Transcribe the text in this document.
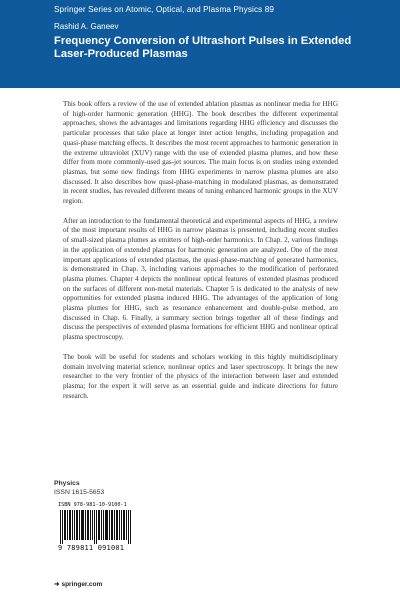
Springer Series on Atomic, Optical, and Plasma Physics 89
Rashid A. Ganeev
Frequency Conversion of Ultrashort Pulses in Extended Laser-Produced Plasmas

This book offers a review of the use of extended ablation plasmas as nonlinear media for HHG of high-order harmonic generation (HHG). The book describes the different experimental approaches, shows the advantages and limitations regarding HHG efficiency and discusses the particular processes that take place at longer inter action lengths, including propagation and quasi-phase matching effects. It describes the most recent approaches to harmonic generation in the extreme ultraviolet (XUV) range with the use of extended plasma plumes, and how these differ from more commonly-used gas-jet sources. The main focus is on studies using extended plasmas, but some new findings from HHG experiments in narrow plasma plumes are also discussed. It also describes how quasi-phase-matching in modulated plasmas, as demonstrated in recent studies, has revealed different means of tuning enhanced harmonic groups in the XUV region.

After an introduction to the fundamental theoretical and experimental aspects of HHG, a review of the most important results of HHG in narrow plasmas is presented, including recent studies of small-sized plasma plumes as emitters of high-order harmonics. In Chap. 2, various findings in the application of extended plasmas for harmonic generation are analyzed. One of the most important applications of extended plasmas, the quasi-phase-matching of generated harmonics, is demonstrated in Chap. 3, including various approaches to the modification of perforated plasma plumes. Chapter 4 depicts the nonlinear optical features of extended plasmas produced on the surfaces of different non-metal materials. Chapter 5 is dedicated to the analysis of new opportunities for extended plasma induced HHG. The advantages of the application of long plasma plumes for HHG, such as resonance enhancement and double-pulse method, are discussed in Chap. 6. Finally, a summary section brings together all of these findings and discuss the perspectives of extended plasma formations for efficient HHG and nonlinear optical plasma spectroscopy.

The book will be useful for students and scholars working in this highly multidisciplinary domain involving material science, nonlinear optics and laser spectroscopy. It brings the new researcher to the very frontier of the physics of the interaction between laser and extended plasma; for the expert it will serve as an essential guide and indicate directions for future research.

Physics
ISSN 1615-5653
ISBN 978-981-10-9100-1
9 789811 091001
➜ springer.com
